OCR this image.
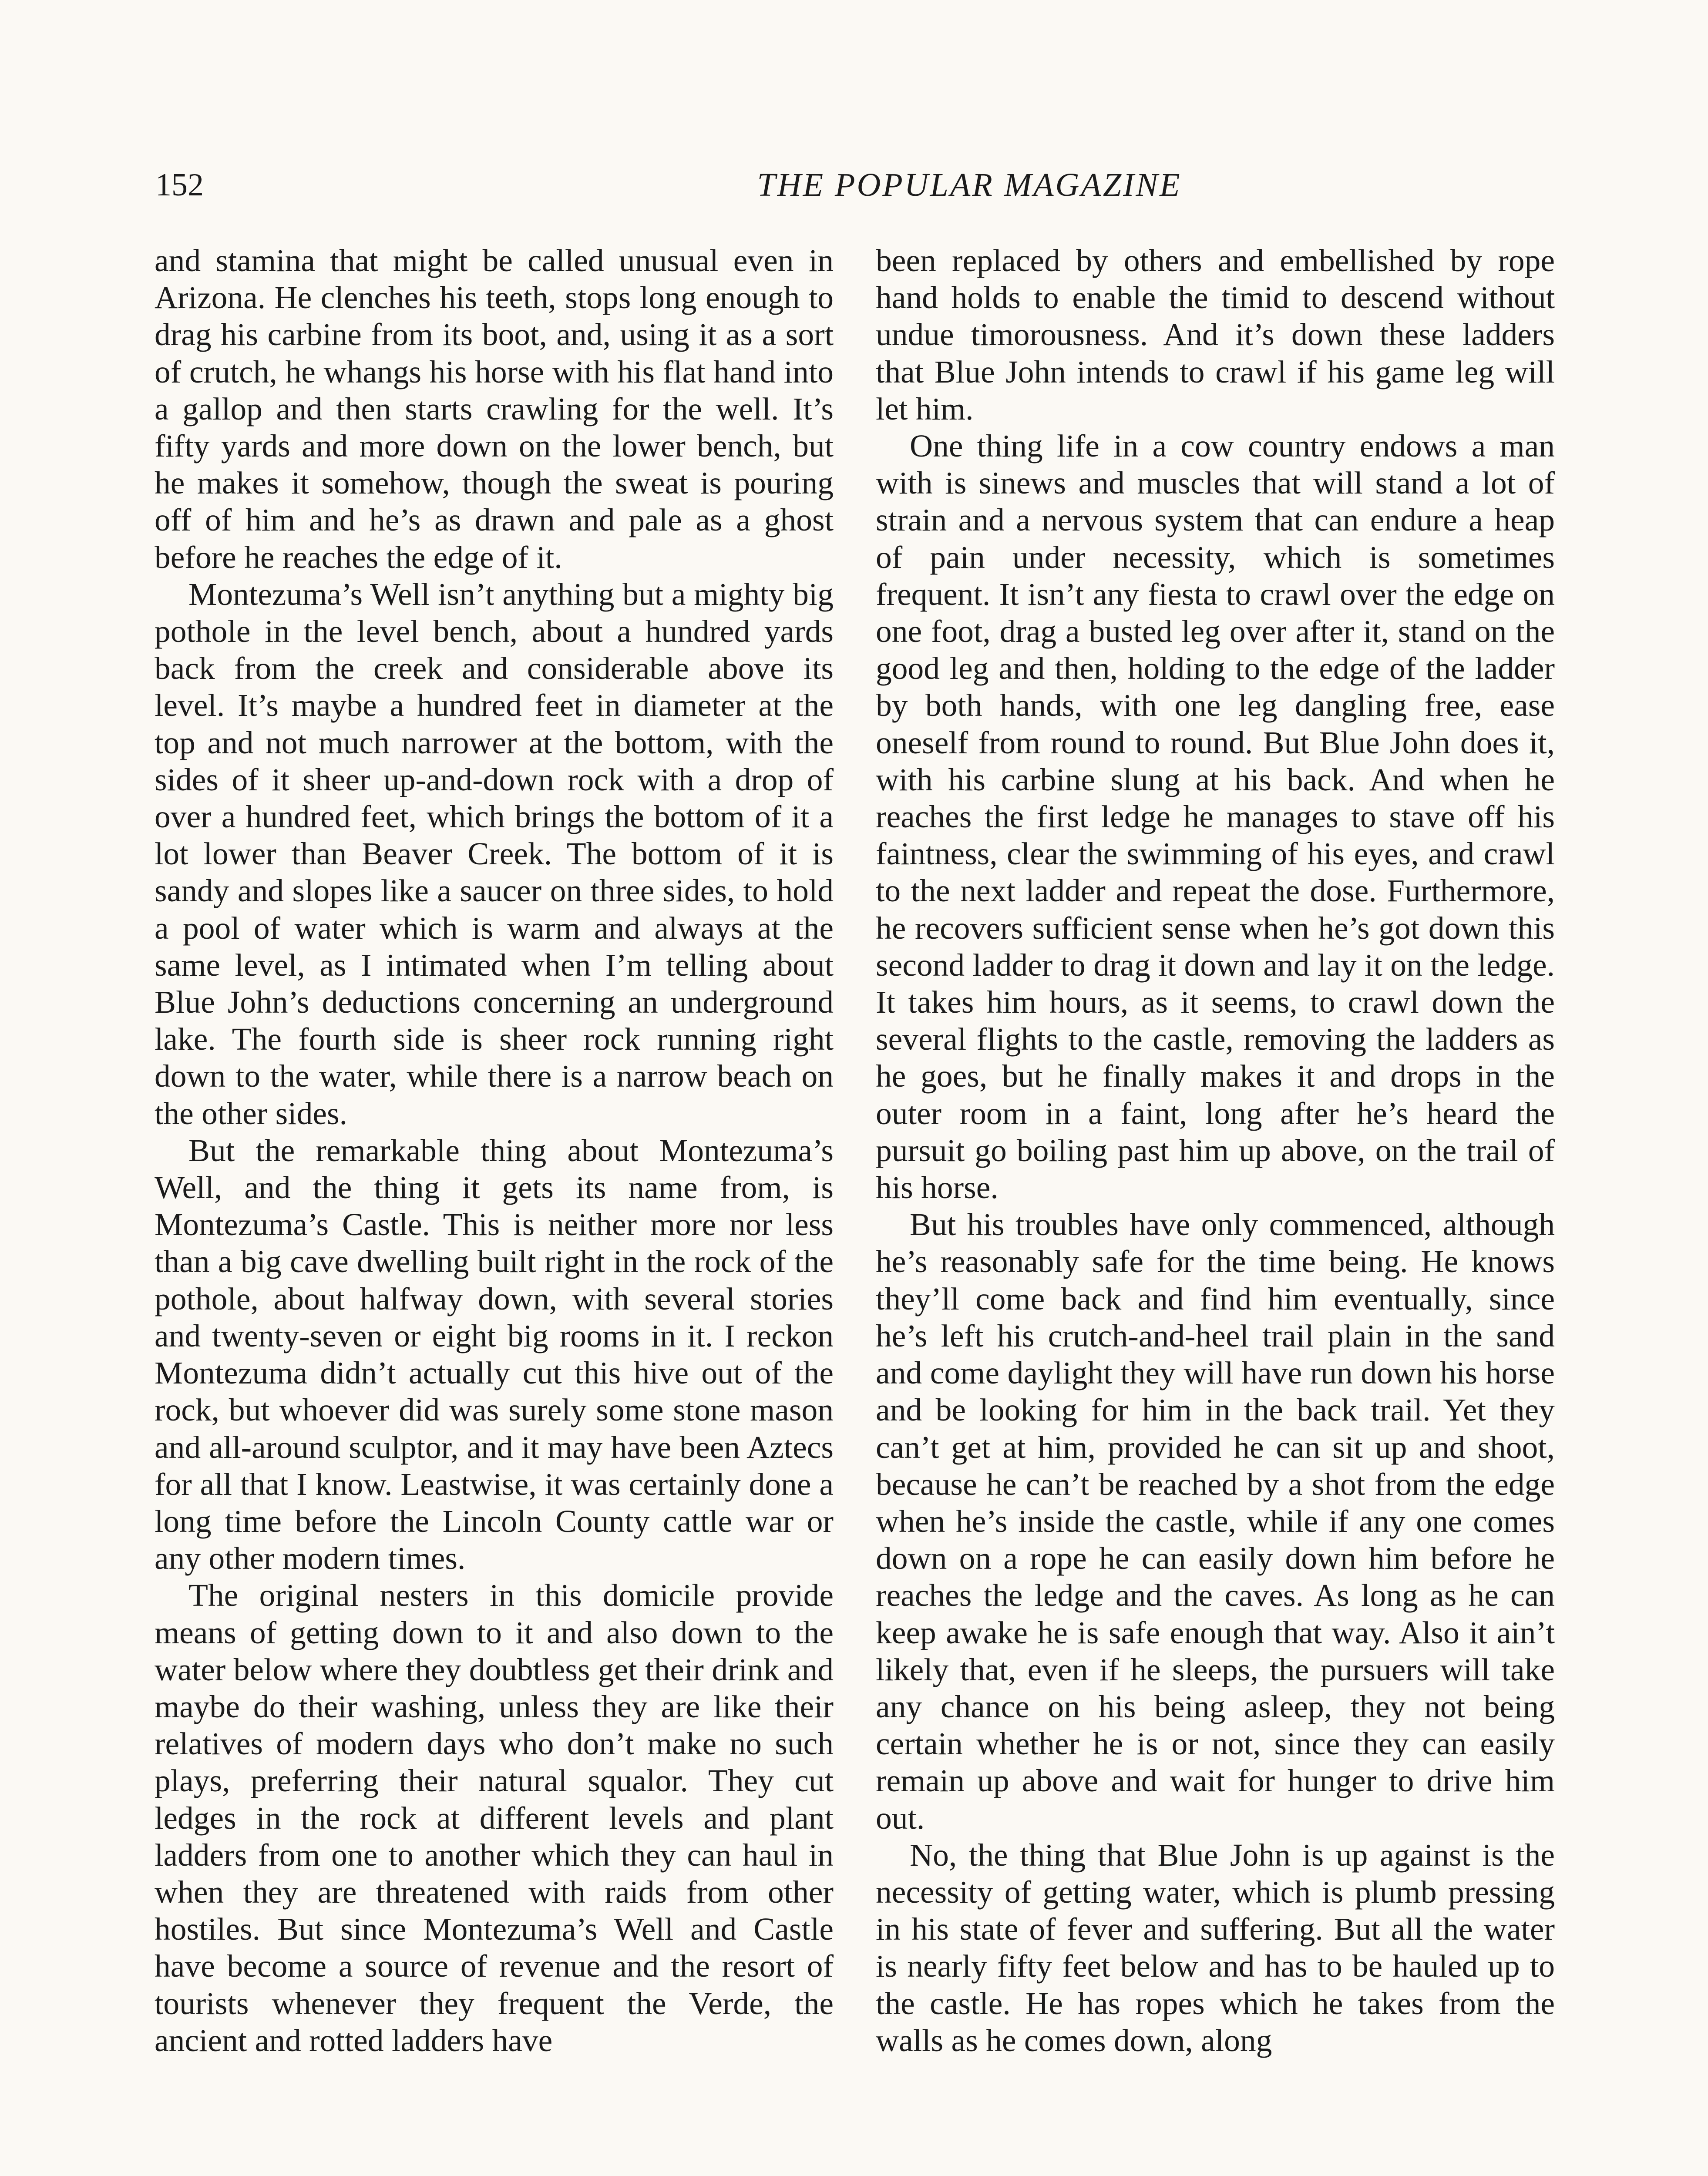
152	THE POPULAR MAGAZINE

and stamina that might be called unusual even in Arizona. He clenches his teeth, stops long enough to drag his carbine from its boot, and, using it as a sort of crutch, he whangs his horse with his flat hand into a gallop and then starts crawling for the well. It’s fifty yards and more down on the lower bench, but he makes it somehow, though the sweat is pouring off of him and he’s as drawn and pale as a ghost before he reaches the edge of it.

Montezuma’s Well isn’t anything but a mighty big pothole in the level bench, about a hundred yards back from the creek and considerable above its level. It’s maybe a hundred feet in diameter at the top and not much narrower at the bottom, with the sides of it sheer up-and-down rock with a drop of over a hundred feet, which brings the bottom of it a lot lower than Beaver Creek. The bottom of it is sandy and slopes like a saucer on three sides, to hold a pool of water which is warm and always at the same level, as I intimated when I’m telling about Blue John’s deductions concerning an underground lake. The fourth side is sheer rock running right down to the water, while there is a narrow beach on the other sides.

But the remarkable thing about Montezuma’s Well, and the thing it gets its name from, is Montezuma’s Castle. This is neither more nor less than a big cave dwelling built right in the rock of the pothole, about halfway down, with several stories and twenty-seven or eight big rooms in it. I reckon Montezuma didn’t actually cut this hive out of the rock, but whoever did was surely some stone mason and all-around sculptor, and it may have been Aztecs for all that I know. Leastwise, it was certainly done a long time before the Lincoln County cattle war or any other modern times.

The original nesters in this domicile provide means of getting down to it and also down to the water below where they doubtless get their drink and maybe do their washing, unless they are like their relatives of modern days who don’t make no such plays, preferring their natural squalor. They cut ledges in the rock at different levels and plant ladders from one to another which they can haul in when they are threatened with raids from other hostiles. But since Montezuma’s Well and Castle have become a source of revenue and the resort of tourists whenever they frequent the Verde, the ancient and rotted ladders have

been replaced by others and embellished by rope hand holds to enable the timid to descend without undue timorousness. And it’s down these ladders that Blue John intends to crawl if his game leg will let him.

One thing life in a cow country endows a man with is sinews and muscles that will stand a lot of strain and a nervous system that can endure a heap of pain under necessity, which is sometimes frequent. It isn’t any fiesta to crawl over the edge on one foot, drag a busted leg over after it, stand on the good leg and then, holding to the edge of the ladder by both hands, with one leg dangling free, ease oneself from round to round. But Blue John does it, with his carbine slung at his back. And when he reaches the first ledge he manages to stave off his faintness, clear the swimming of his eyes, and crawl to the next ladder and repeat the dose. Furthermore, he recovers sufficient sense when he’s got down this second ladder to drag it down and lay it on the ledge. It takes him hours, as it seems, to crawl down the several flights to the castle, removing the ladders as he goes, but he finally makes it and drops in the outer room in a faint, long after he’s heard the pursuit go boiling past him up above, on the trail of his horse.

But his troubles have only commenced, although he’s reasonably safe for the time being. He knows they’ll come back and find him eventually, since he’s left his crutch-and-heel trail plain in the sand and come daylight they will have run down his horse and be looking for him in the back trail. Yet they can’t get at him, provided he can sit up and shoot, because he can’t be reached by a shot from the edge when he’s inside the castle, while if any one comes down on a rope he can easily down him before he reaches the ledge and the caves. As long as he can keep awake he is safe enough that way. Also it ain’t likely that, even if he sleeps, the pursuers will take any chance on his being asleep, they not being certain whether he is or not, since they can easily remain up above and wait for hunger to drive him out.

No, the thing that Blue John is up against is the necessity of getting water, which is plumb pressing in his state of fever and suffering. But all the water is nearly fifty feet below and has to be hauled up to the castle. He has ropes which he takes from the walls as he comes down, along
